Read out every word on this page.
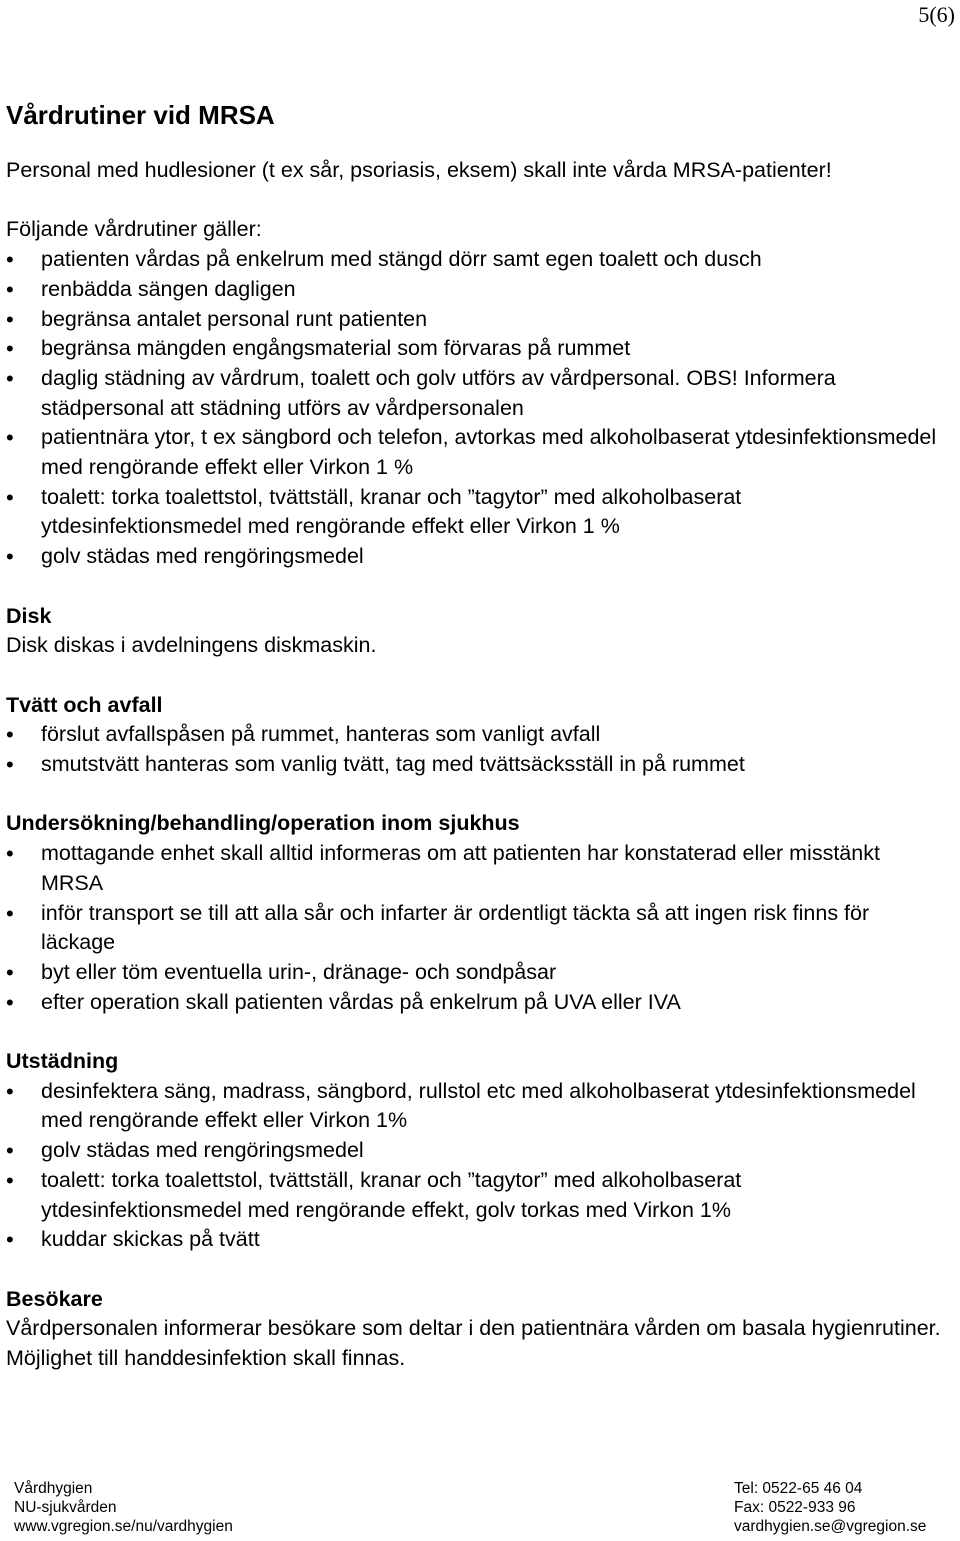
5(6)
Vårdrutiner vid MRSA

Personal med hudlesioner (t ex sår, psoriasis, eksem) skall inte vårda MRSA-patienter!

Följande vårdrutiner gäller:

• patienten vårdas på enkelrum med stängd dörr samt egen toalett och dusch
• renbädda sängen dagligen
• begränsa antalet personal runt patienten
• begränsa mängden engångsmaterial som förvaras på rummet
• daglig städning av vårdrum, toalett och golv utförs av vårdpersonal. OBS! Informera städpersonal att städning utförs av vårdpersonalen
• patientnära ytor, t ex sängbord och telefon, avtorkas med alkoholbaserat ytdesinfektionsmedel med rengörande effekt eller Virkon 1 %
• toalett: torka toalettstol, tvättställ, kranar och ”tagytor” med alkoholbaserat ytdesinfektionsmedel med rengörande effekt eller Virkon 1 %
• golv städas med rengöringsmedel

Disk

Disk diskas i avdelningens diskmaskin.

Tvätt och avfall

• förslut avfallspåsen på rummet, hanteras som vanligt avfall
• smutstvätt hanteras som vanlig tvätt, tag med tvättsäcksställ in på rummet

Undersökning/behandling/operation inom sjukhus

• mottagande enhet skall alltid informeras om att patienten har konstaterad eller misstänkt MRSA
• inför transport se till att alla sår och infarter är ordentligt täckta så att ingen risk finns för läckage
• byt eller töm eventuella urin-, dränage- och sondpåsar
• efter operation skall patienten vårdas på enkelrum på UVA eller IVA

Utstädning

• desinfektera säng, madrass, sängbord, rullstol etc med alkoholbaserat ytdesinfektionsmedel med rengörande effekt eller Virkon 1%
• golv städas med rengöringsmedel
• toalett: torka toalettstol, tvättställ, kranar och ”tagytor” med alkoholbaserat ytdesinfektionsmedel med rengörande effekt, golv torkas med Virkon 1%
• kuddar skickas på tvätt

Besökare

Vårdpersonalen informerar besökare som deltar i den patientnära vården om basala hygienrutiner. Möjlighet till handdesinfektion skall finnas.

Vårdhygien
NU-sjukvården
www.vgregion.se/nu/vardhygien
Tel: 0522-65 46 04
Fax: 0522-933 96
vardhygien.se@vgregion.se
